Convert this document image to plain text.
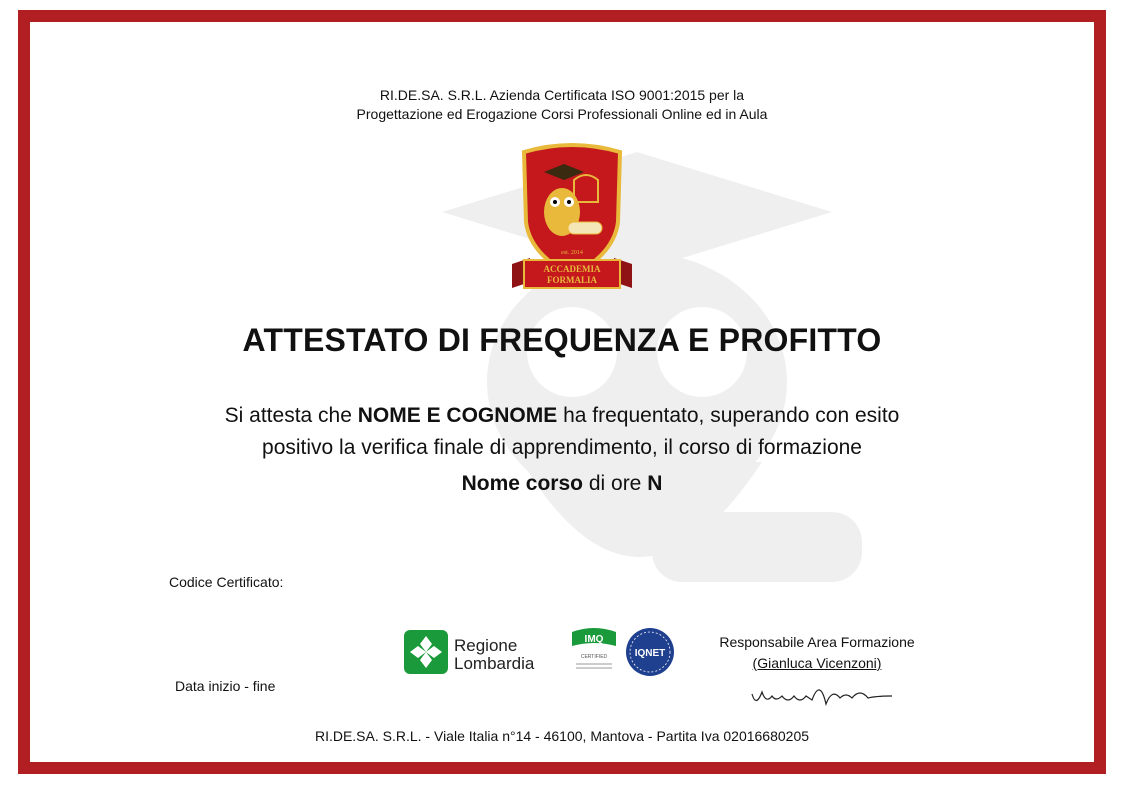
RI.DE.SA. S.R.L. Azienda Certificata ISO 9001:2015 per la
Progettazione ed Erogazione Corsi Professionali Online ed in Aula
est. 2014
ACCADEMIA
FORMALIA
ATTESTATO DI FREQUENZA E PROFITTO
Si attesta che NOME E COGNOME ha frequentato, superando con esito
positivo la verifica finale di apprendimento, il corso di formazione
Nome corso di ore N
Codice Certificato:
Data inizio - fine
Regione
Lombardia
IMQ
CERTIFIED	IQNET
Responsabile Area Formazione
(Gianluca Vicenzoni)
RI.DE.SA. S.R.L. - Viale Italia n°14 - 46100, Mantova - Partita Iva 02016680205
